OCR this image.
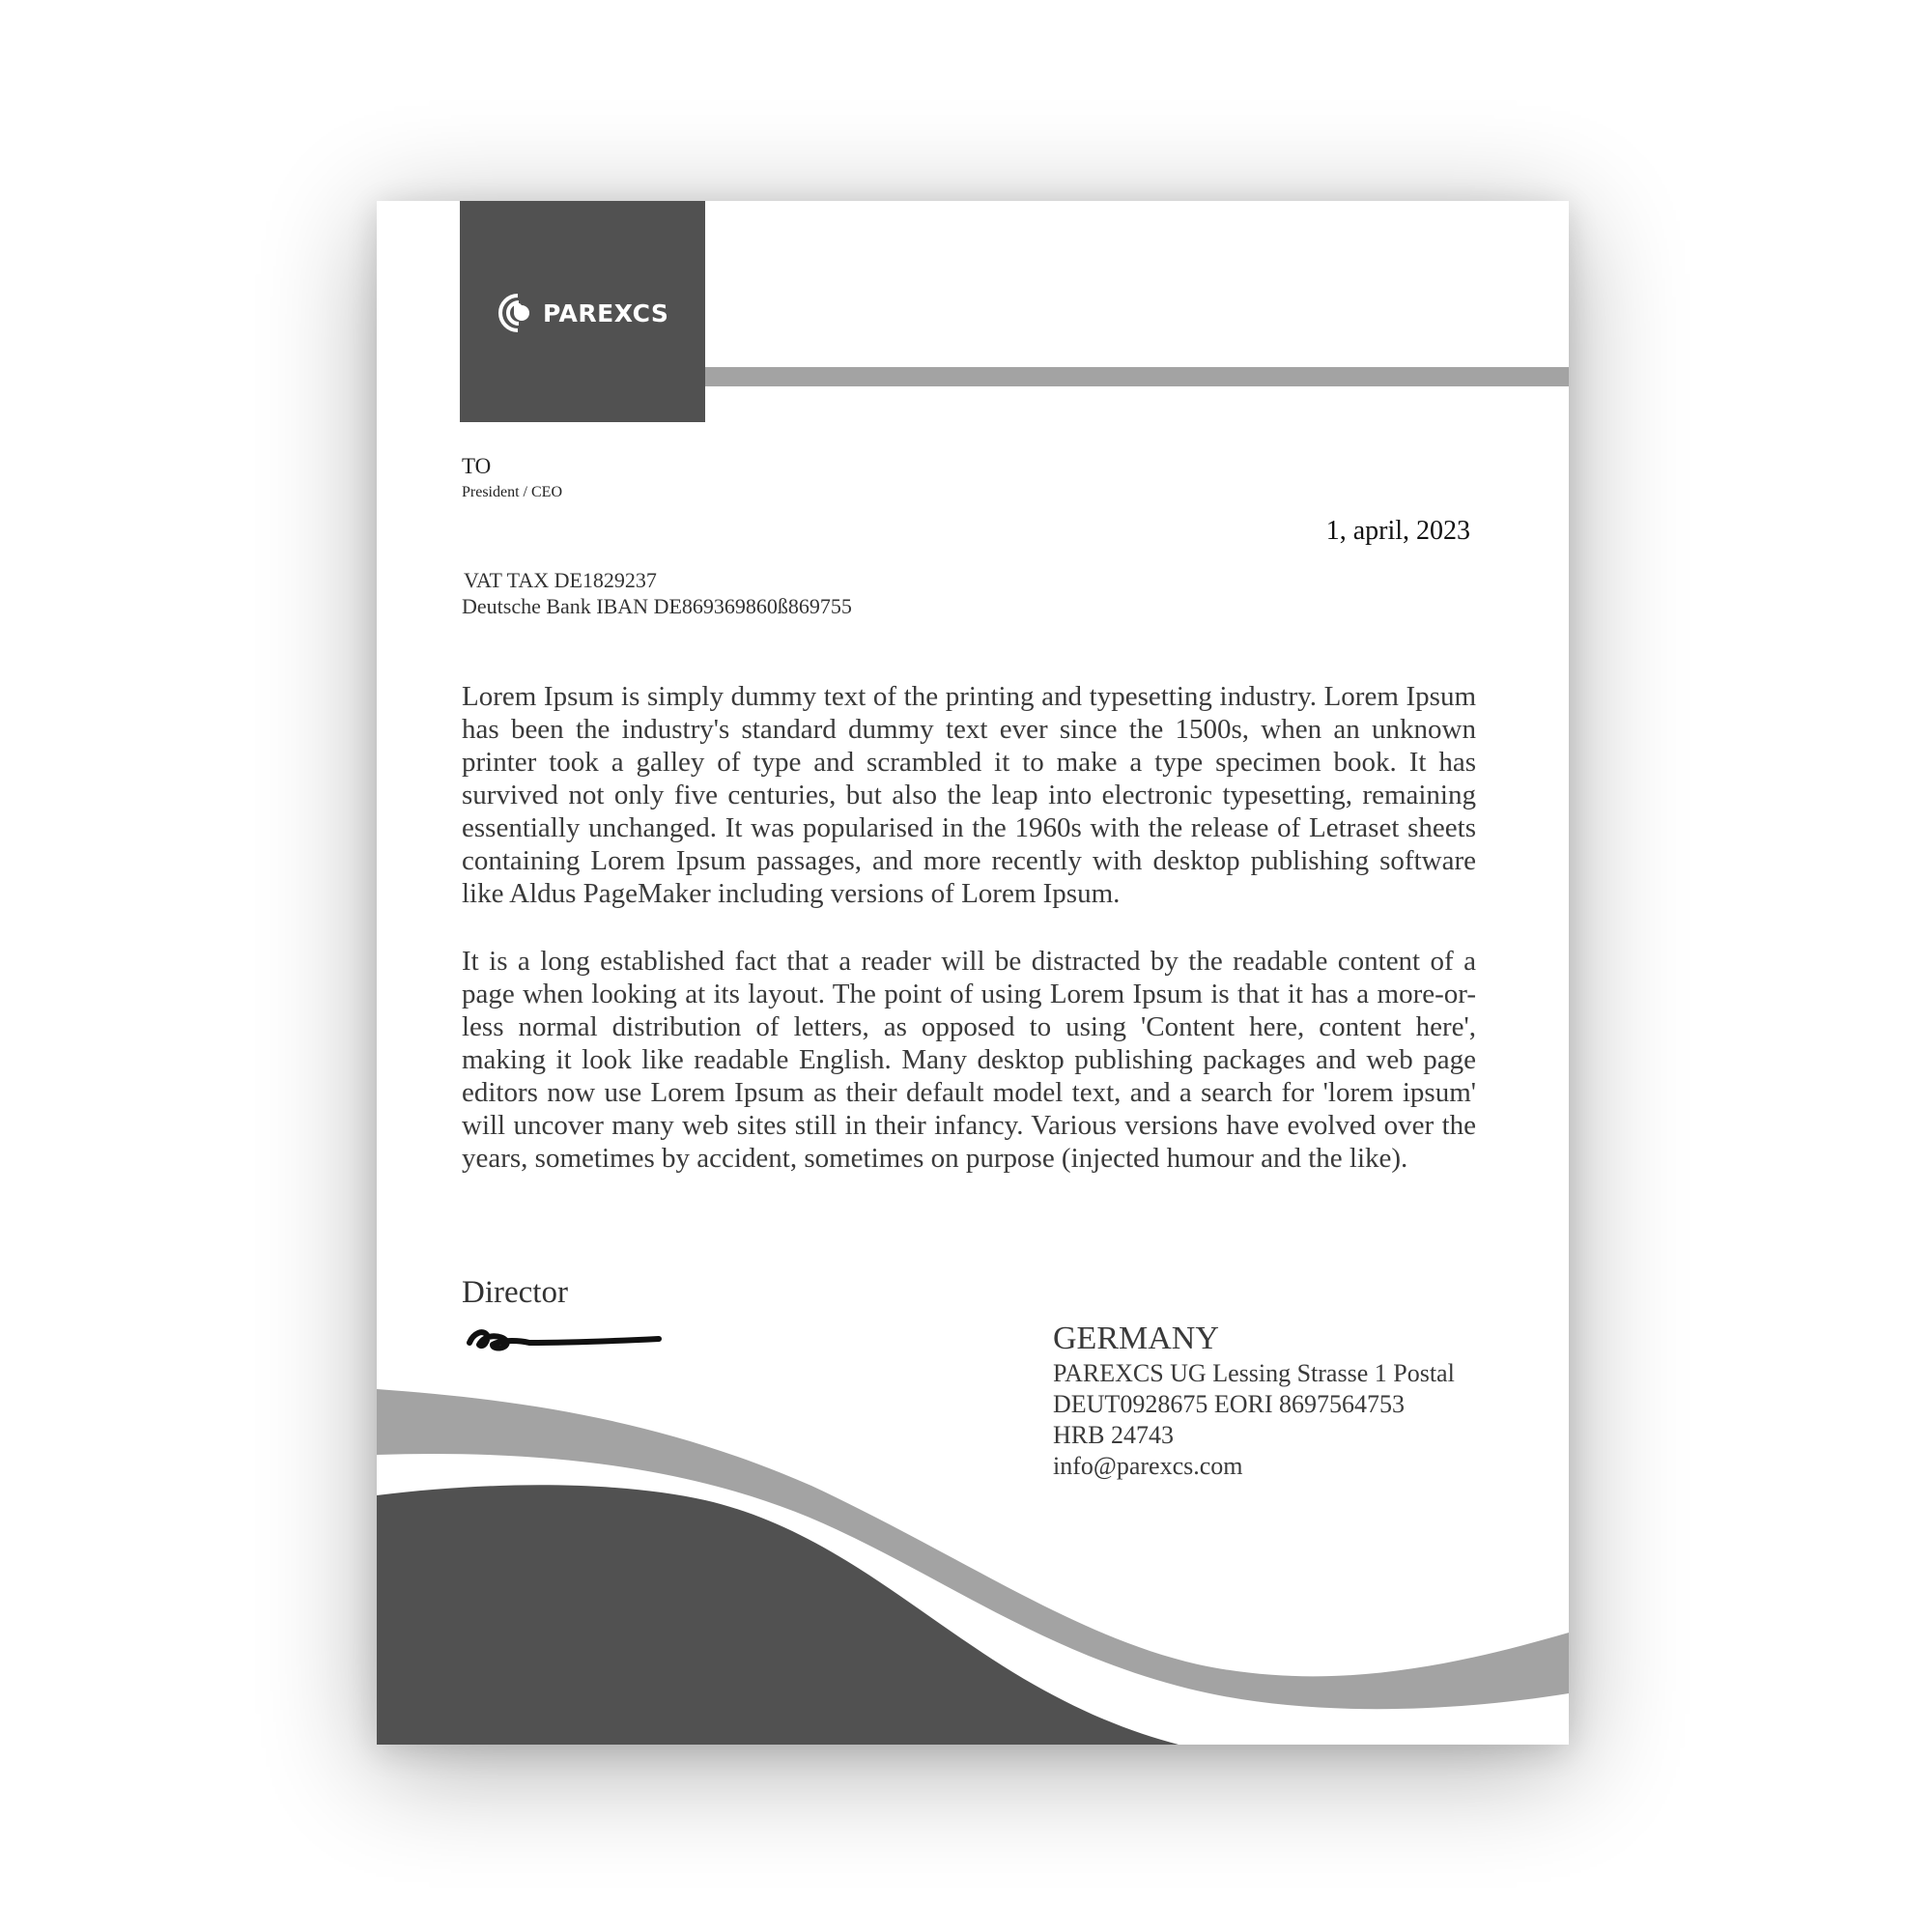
PAREXCS
TO
President / CEO
1, april, 2023
VAT TAX DE1829237
Deutsche Bank IBAN DE869369860ß869755

Lorem Ipsum is simply dummy text of the printing and typesetting industry. Lorem Ipsum has been the industry's standard dummy text ever since the 1500s, when an unknown printer took a galley of type and scrambled it to make a type specimen book. It has survived not only five centuries, but also the leap into electronic typesetting, remaining essentially unchanged. It was popularised in the 1960s with the release of Letraset sheets containing Lorem Ipsum passages, and more recently with desktop publishing software like Aldus PageMaker including versions of Lorem Ipsum.

It is a long established fact that a reader will be distracted by the readable content of a page when looking at its layout. The point of using Lorem Ipsum is that it has a more-or-less normal distribution of letters, as opposed to using 'Content here, content here', making it look like readable English. Many desktop publishing packages and web page editors now use Lorem Ipsum as their default model text, and a search for 'lorem ipsum' will uncover many web sites still in their infancy. Various versions have evolved over the years, sometimes by accident, sometimes on purpose (injected humour and the like).

Director
GERMANY
PAREXCS UG Lessing Strasse 1 Postal
DEUT0928675 EORI 8697564753
HRB 24743
info@parexcs.com
